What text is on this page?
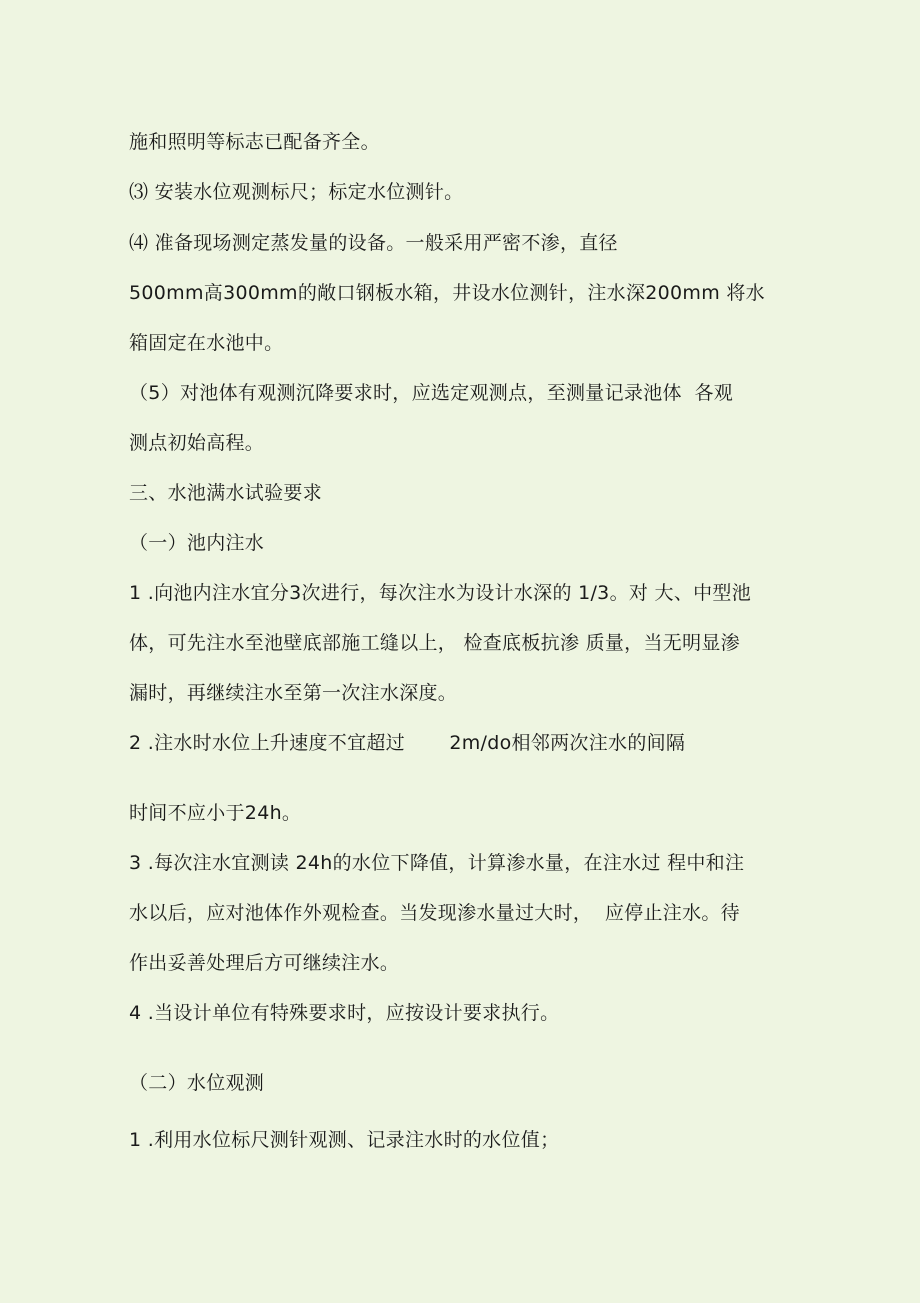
施和照明等标志已配备齐全。
⑶ 安装水位观测标尺；标定水位测针。
⑷ 准备现场测定蒸发量的设备。一般采用严密不渗，直径
500mm高300mm的敞口钢板水箱，井设水位测针，注水深200mm 将水
箱固定在水池中。
（5）对池体有观测沉降要求时，应选定观测点，至测量记录池体  各观
测点初始高程。
三、水池满水试验要求
（一）池内注水
1 .向池内注水宜分3次进行，每次注水为设计水深的 1/3。对 大、中型池
体，可先注水至池壁底部施工缝以上， 检查底板抗渗 质量，当无明显渗
漏时，再继续注水至第一次注水深度。
2 .注水时水位上升速度不宜超过       2m/do相邻两次注水的间隔
时间不应小于24h。
3 .每次注水宜测读 24h的水位下降值，计算渗水量，在注水过 程中和注
水以后，应对池体作外观检查。当发现渗水量过大时，  应停止注水。待
作出妥善处理后方可继续注水。
4 .当设计单位有特殊要求时，应按设计要求执行。
（二）水位观测
1 .利用水位标尺测针观测、记录注水时的水位值；
